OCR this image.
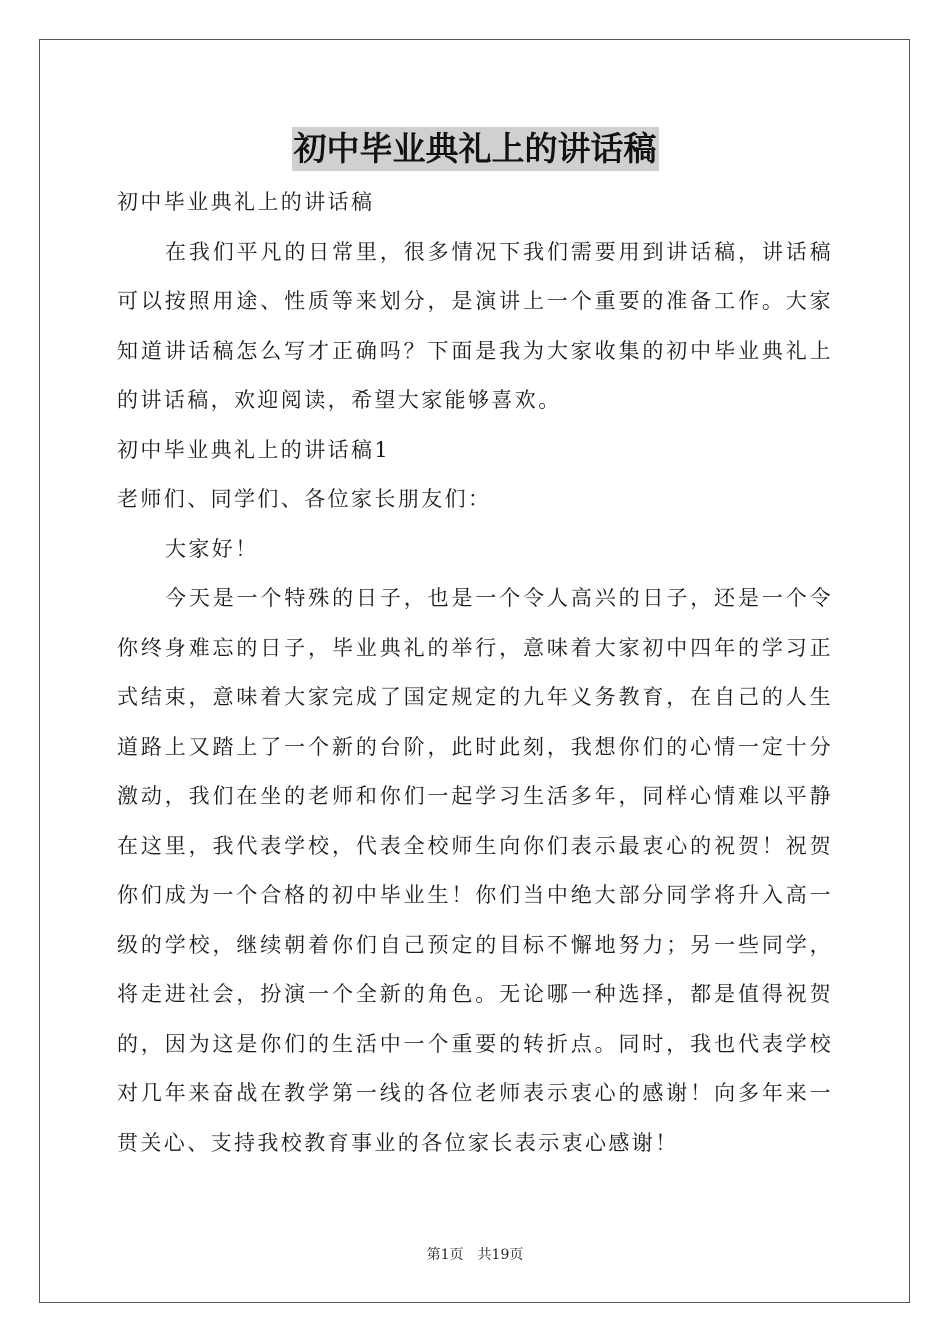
初中毕业典礼上的讲话稿

初中毕业典礼上的讲话稿

在我们平凡的日常里，很多情况下我们需要用到讲话稿，讲话稿可以按照用途、性质等来划分，是演讲上一个重要的准备工作。大家知道讲话稿怎么写才正确吗？下面是我为大家收集的初中毕业典礼上的讲话稿，欢迎阅读，希望大家能够喜欢。

初中毕业典礼上的讲话稿1

老师们、同学们、各位家长朋友们：

大家好！

今天是一个特殊的日子，也是一个令人高兴的日子，还是一个令你终身难忘的日子，毕业典礼的举行，意味着大家初中四年的学习正式结束，意味着大家完成了国定规定的九年义务教育，在自己的人生道路上又踏上了一个新的台阶，此时此刻，我想你们的心情一定十分激动，我们在坐的老师和你们一起学习生活多年，同样心情难以平静在这里，我代表学校，代表全校师生向你们表示最衷心的祝贺！祝贺你们成为一个合格的初中毕业生！你们当中绝大部分同学将升入高一级的学校，继续朝着你们自己预定的目标不懈地努力；另一些同学，将走进社会，扮演一个全新的角色。无论哪一种选择，都是值得祝贺的，因为这是你们的生活中一个重要的转折点。同时，我也代表学校对几年来奋战在教学第一线的各位老师表示衷心的感谢！向多年来一贯关心、支持我校教育事业的各位家长表示衷心感谢！

第1页　共19页
